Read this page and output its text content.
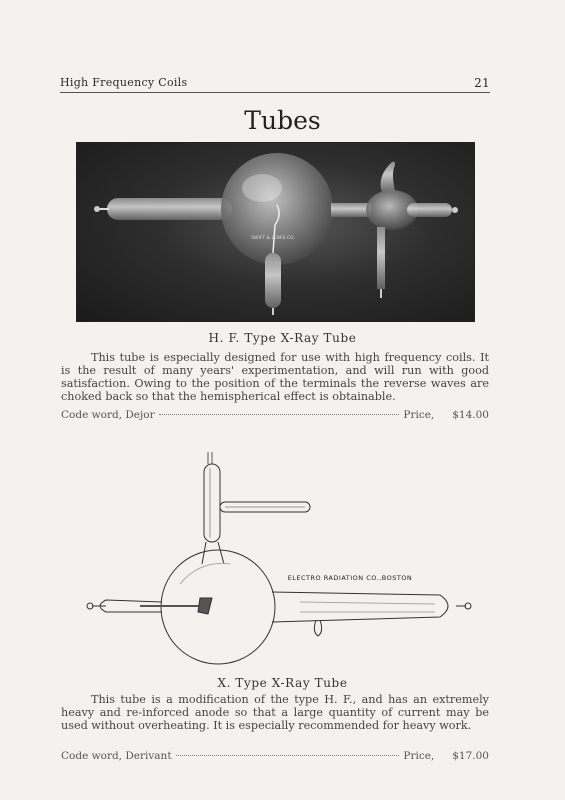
High Frequency Coils	21
Tubes
SWIFT & LEWIS CO.
H. F. Type X-Ray Tube
This tube is especially designed for use with high frequency coils. It is the result of many years' experimentation, and will run with good satisfaction. Owing to the position of the terminals the reverse waves are choked back so that the hemispherical effect is obtainable.
Code word, Dejor	Price, $14.00
ELECTRO RADIATION CO.,BOSTON
X. Type X-Ray Tube
This tube is a modification of the type H. F., and has an extremely heavy and re-inforced anode so that a large quantity of current may be used without overheating. It is especially recommended for heavy work.
Code word, Derivant	Price, $17.00
